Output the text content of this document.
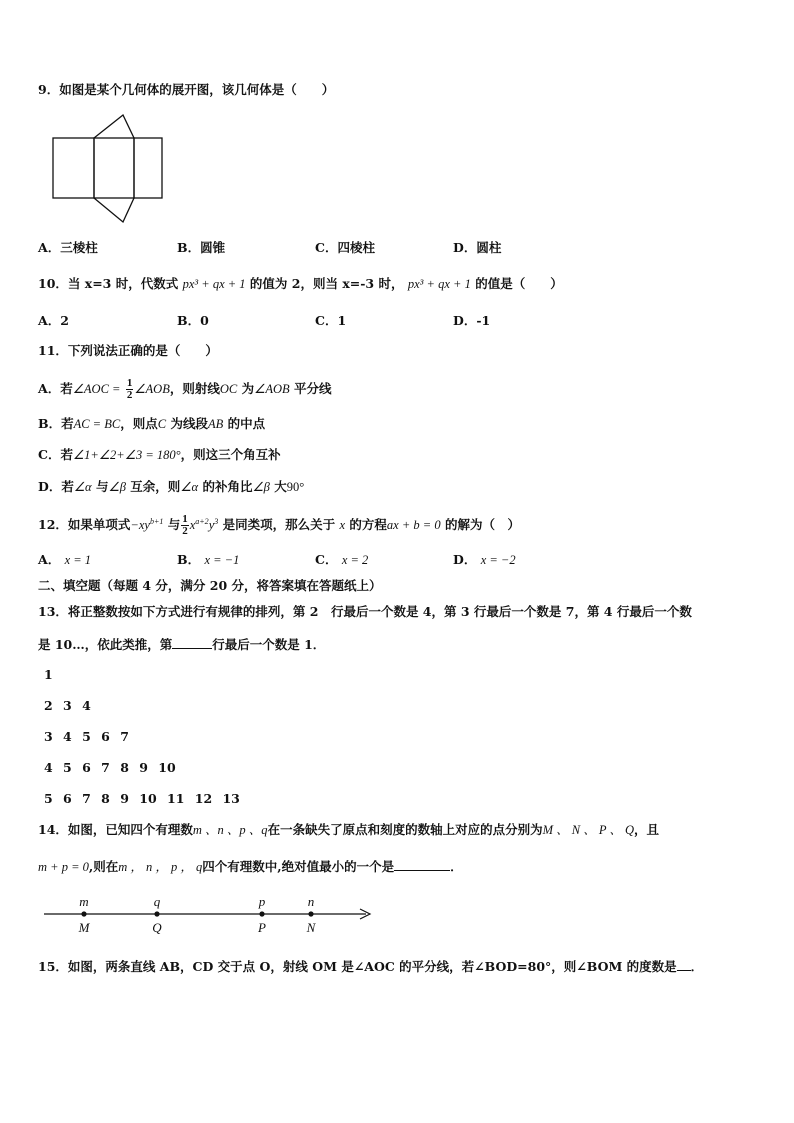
9．如图是某个几何体的展开图，该几何体是（　　）
A．三棱柱	B．圆锥	C．四棱柱	D．圆柱
10．当 x=3 时，代数式 px³ + qx + 1 的值为 2，则当 x=-3 时， px³ + qx + 1 的值是（　　）
A．2	B．0	C．1	D．-1
11．下列说法正确的是（　　）
A．若∠AOC = $\frac{1}{2}$ ∠AOB，则射线OC 为∠AOB 平分线
B．若AC = BC，则点C 为线段AB 的中点
C．若∠1+∠2+∠3 = 180°，则这三个角互补
D．若∠α 与∠β 互余，则∠α 的补角比∠β 大90°
12．如果单项式$-xy^{b+1}$ 与 $\frac{1}{2} x^{a+2}y^3$ 是同类项，那么关于 x 的方程ax + b = 0 的解为（　）
A． x = 1	B． x = −1	C． x = 2	D． x = −2
二、填空题（每题 4 分，满分 20 分，将答案填在答题纸上）
13．将正整数按如下方式进行有规律的排列，第 2　行最后一个数是 4，第 3 行最后一个数是 7，第 4 行最后一个数
是 10…，依此类推，第	行最后一个数是 1．
1
2 3 4
3 4 5 6 7
4 5 6 7 8 9 10
5 6 7 8 9 10 11 12 13
14．如图，已知四个有理数m 、n 、p 、q在一条缺失了原点和刻度的数轴上对应的点分别为M 、 N 、 P 、 Q，且
m + p = 0,则在m ， n ， p ， q四个有理数中,绝对值最小的一个是	．
m	q	p	n
M	Q	P	N
15．如图，两条直线 AB，CD 交于点 O，射线 OM 是∠AOC 的平分线，若∠BOD=80°，则∠BOM 的度数是 ．
